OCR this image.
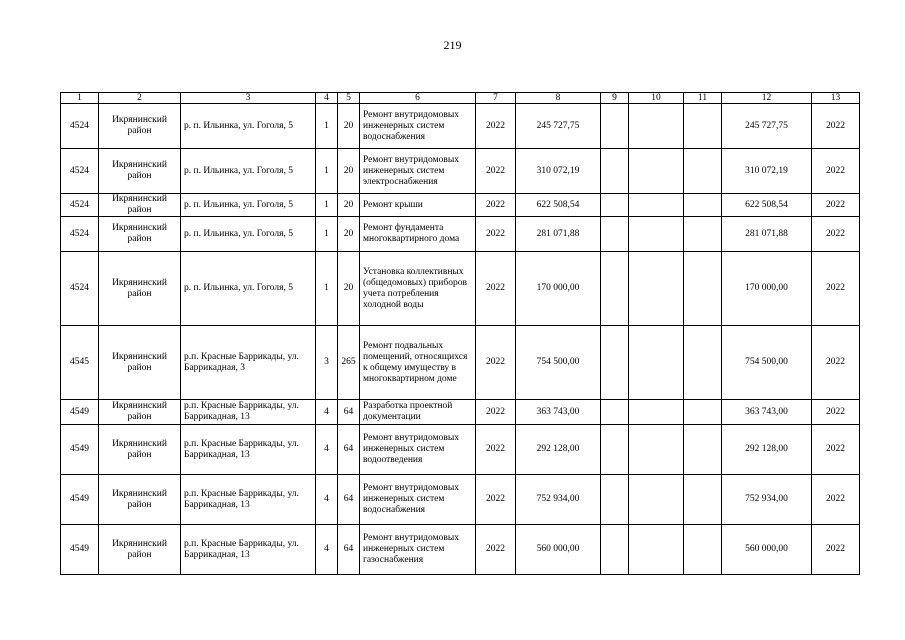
219
1	2	3	4	5	6	7	8	9	10	11	12	13
4524	Икрянинский район	р. п. Ильинка, ул. Гоголя, 5	1	20	Ремонт внутридомовых инженерных систем водоснабжения	2022	245 727,75				245 727,75	2022
4524	Икрянинский район	р. п. Ильинка, ул. Гоголя, 5	1	20	Ремонт внутридомовых инженерных систем электроснабжения	2022	310 072,19				310 072,19	2022
4524	Икрянинский район	р. п. Ильинка, ул. Гоголя, 5	1	20	Ремонт крыши	2022	622 508,54				622 508,54	2022
4524	Икрянинский район	р. п. Ильинка, ул. Гоголя, 5	1	20	Ремонт фундамента многоквартирного дома	2022	281 071,88				281 071,88	2022
4524	Икрянинский район	р. п. Ильинка, ул. Гоголя, 5	1	20	Установка коллективных (общедомовых) приборов учета потребления холодной воды	2022	170 000,00				170 000,00	2022
4545	Икрянинский район	р.п. Красные Баррикады, ул. Баррикадная, 3	3	265	Ремонт подвальных помещений, относящихся к общему имуществу в многоквартирном доме	2022	754 500,00				754 500,00	2022
4549	Икрянинский район	р.п. Красные Баррикады, ул. Баррикадная, 13	4	64	Разработка проектной документации	2022	363 743,00				363 743,00	2022
4549	Икрянинский район	р.п. Красные Баррикады, ул. Баррикадная, 13	4	64	Ремонт внутридомовых инженерных систем водоотведения	2022	292 128,00				292 128,00	2022
4549	Икрянинский район	р.п. Красные Баррикады, ул. Баррикадная, 13	4	64	Ремонт внутридомовых инженерных систем водоснабжения	2022	752 934,00				752 934,00	2022
4549	Икрянинский район	р.п. Красные Баррикады, ул. Баррикадная, 13	4	64	Ремонт внутридомовых инженерных систем газоснабжения	2022	560 000,00				560 000,00	2022
